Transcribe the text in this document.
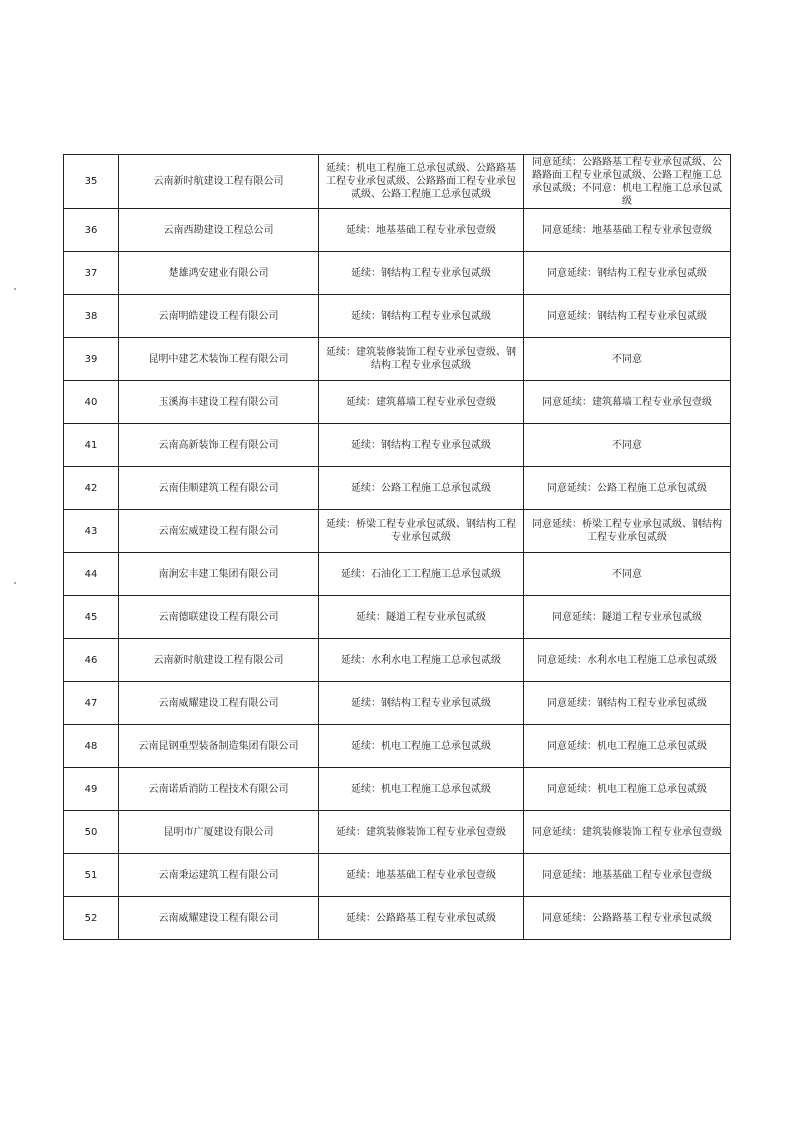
35	云南新时航建设工程有限公司	延续：机电工程施工总承包贰级、公路路基工程专业承包贰级、公路路面工程专业承包贰级、公路工程施工总承包贰级	同意延续：公路路基工程专业承包贰级、公路路面工程专业承包贰级、公路工程施工总承包贰级；不同意：机电工程施工总承包贰级
36	云南西勘建设工程总公司	延续：地基基础工程专业承包壹级	同意延续：地基基础工程专业承包壹级
37	楚雄鸿安建业有限公司	延续：钢结构工程专业承包贰级	同意延续：钢结构工程专业承包贰级
38	云南明皓建设工程有限公司	延续：钢结构工程专业承包贰级	同意延续：钢结构工程专业承包贰级
39	昆明中建艺术装饰工程有限公司	延续：建筑装修装饰工程专业承包壹级、钢结构工程专业承包贰级	不同意
40	玉溪海丰建设工程有限公司	延续：建筑幕墙工程专业承包壹级	同意延续：建筑幕墙工程专业承包壹级
41	云南高新装饰工程有限公司	延续：钢结构工程专业承包贰级	不同意
42	云南佳顺建筑工程有限公司	延续：公路工程施工总承包贰级	同意延续：公路工程施工总承包贰级
43	云南宏威建设工程有限公司	延续：桥梁工程专业承包贰级、钢结构工程专业承包贰级	同意延续：桥梁工程专业承包贰级、钢结构工程专业承包贰级
44	南涧宏丰建工集团有限公司	延续：石油化工工程施工总承包贰级	不同意
45	云南德联建设工程有限公司	延续：隧道工程专业承包贰级	同意延续：隧道工程专业承包贰级
46	云南新时航建设工程有限公司	延续：水利水电工程施工总承包贰级	同意延续：水利水电工程施工总承包贰级
47	云南威耀建设工程有限公司	延续：钢结构工程专业承包贰级	同意延续：钢结构工程专业承包贰级
48	云南昆钢重型装备制造集团有限公司	延续：机电工程施工总承包贰级	同意延续：机电工程施工总承包贰级
49	云南诺盾消防工程技术有限公司	延续：机电工程施工总承包贰级	同意延续：机电工程施工总承包贰级
50	昆明市广厦建设有限公司	延续：建筑装修装饰工程专业承包壹级	同意延续：建筑装修装饰工程专业承包壹级
51	云南秉运建筑工程有限公司	延续：地基基础工程专业承包壹级	同意延续：地基基础工程专业承包壹级
52	云南威耀建设工程有限公司	延续：公路路基工程专业承包贰级	同意延续：公路路基工程专业承包贰级
